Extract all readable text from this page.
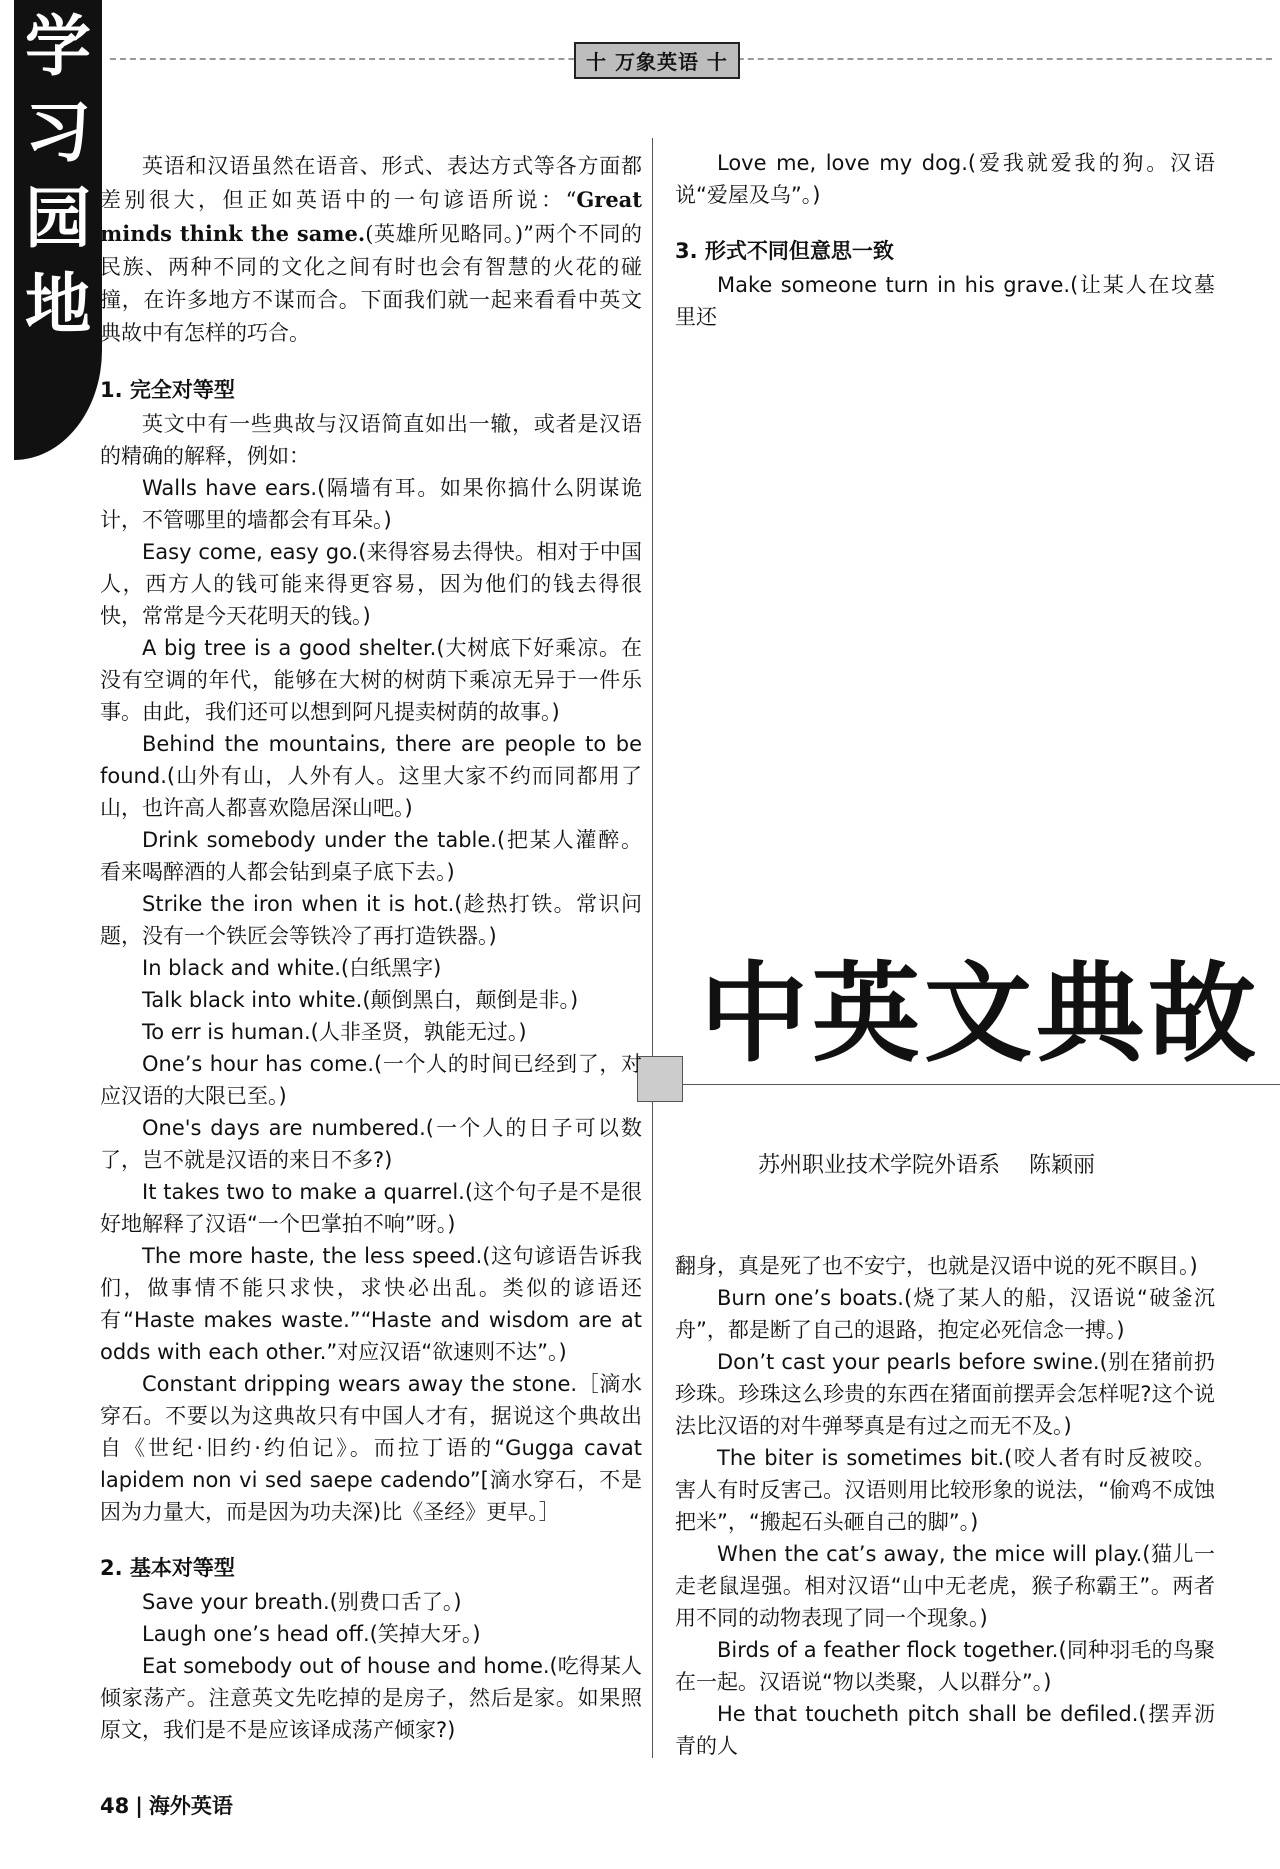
学
习
园
地
十 万象英语 十

英语和汉语虽然在语音、形式、表达方式等各方面都差别很大，但正如英语中的一句谚语所说：“Great minds think the same.(英雄所见略同。)”两个不同的民族、两种不同的文化之间有时也会有智慧的火花的碰撞，在许多地方不谋而合。下面我们就一起来看看中英文典故中有怎样的巧合。

1. 完全对等型

英文中有一些典故与汉语简直如出一辙，或者是汉语的精确的解释，例如：

Walls have ears.(隔墙有耳。如果你搞什么阴谋诡计，不管哪里的墙都会有耳朵。)

Easy come, easy go.(来得容易去得快。相对于中国人，西方人的钱可能来得更容易，因为他们的钱去得很快，常常是今天花明天的钱。)

A big tree is a good shelter.(大树底下好乘凉。在没有空调的年代，能够在大树的树荫下乘凉无异于一件乐事。由此，我们还可以想到阿凡提卖树荫的故事。)

Behind the mountains, there are people to be found.(山外有山，人外有人。这里大家不约而同都用了山，也许高人都喜欢隐居深山吧。)

Drink somebody under the table.(把某人灌醉。看来喝醉酒的人都会钻到桌子底下去。)

Strike the iron when it is hot.(趁热打铁。常识问题，没有一个铁匠会等铁冷了再打造铁器。)

In black and white.(白纸黑字)

Talk black into white.(颠倒黑白，颠倒是非。)

To err is human.(人非圣贤，孰能无过。)

One’s hour has come.(一个人的时间已经到了，对应汉语的大限已至。)

One's days are numbered.(一个人的日子可以数了，岂不就是汉语的来日不多?)

It takes two to make a quarrel.(这个句子是不是很好地解释了汉语“一个巴掌拍不响”呀。)

The more haste, the less speed.(这句谚语告诉我们，做事情不能只求快，求快必出乱。类似的谚语还有“Haste makes waste.”“Haste and wisdom are at odds with each other.”对应汉语“欲速则不达”。)

Constant dripping wears away the stone.［滴水穿石。不要以为这典故只有中国人才有，据说这个典故出自《世纪·旧约·约伯记》。而拉丁语的“Gugga cavat lapidem non vi sed saepe cadendo”[滴水穿石，不是因为力量大，而是因为功夫深)比《圣经》更早。］

2. 基本对等型

Save your breath.(别费口舌了。)

Laugh one’s head off.(笑掉大牙。)

Eat somebody out of house and home.(吃得某人倾家荡产。注意英文先吃掉的是房子，然后是家。如果照原文，我们是不是应该译成荡产倾家?)

Love me, love my dog.(爱我就爱我的狗。汉语说“爱屋及乌”。)

3. 形式不同但意思一致

Make someone turn in his grave.(让某人在坟墓里还

中英文典故
苏州职业技术学院外语系　 陈颖丽

翻身，真是死了也不安宁，也就是汉语中说的死不瞑目。)

Burn one’s boats.(烧了某人的船，汉语说“破釜沉舟”，都是断了自己的退路，抱定必死信念一搏。)

Don’t cast your pearls before swine.(别在猪前扔珍珠。珍珠这么珍贵的东西在猪面前摆弄会怎样呢?这个说法比汉语的对牛弹琴真是有过之而无不及。)

The biter is sometimes bit.(咬人者有时反被咬。害人有时反害己。汉语则用比较形象的说法，“偷鸡不成蚀把米”，“搬起石头砸自己的脚”。)

When the cat’s away, the mice will play.(猫儿一走老鼠逞强。相对汉语“山中无老虎，猴子称霸王”。两者用不同的动物表现了同一个现象。)

Birds of a feather flock together.(同种羽毛的鸟聚在一起。汉语说“物以类聚，人以群分”。)

He that toucheth pitch shall be defiled.(摆弄沥青的人

48 | 海外英语
